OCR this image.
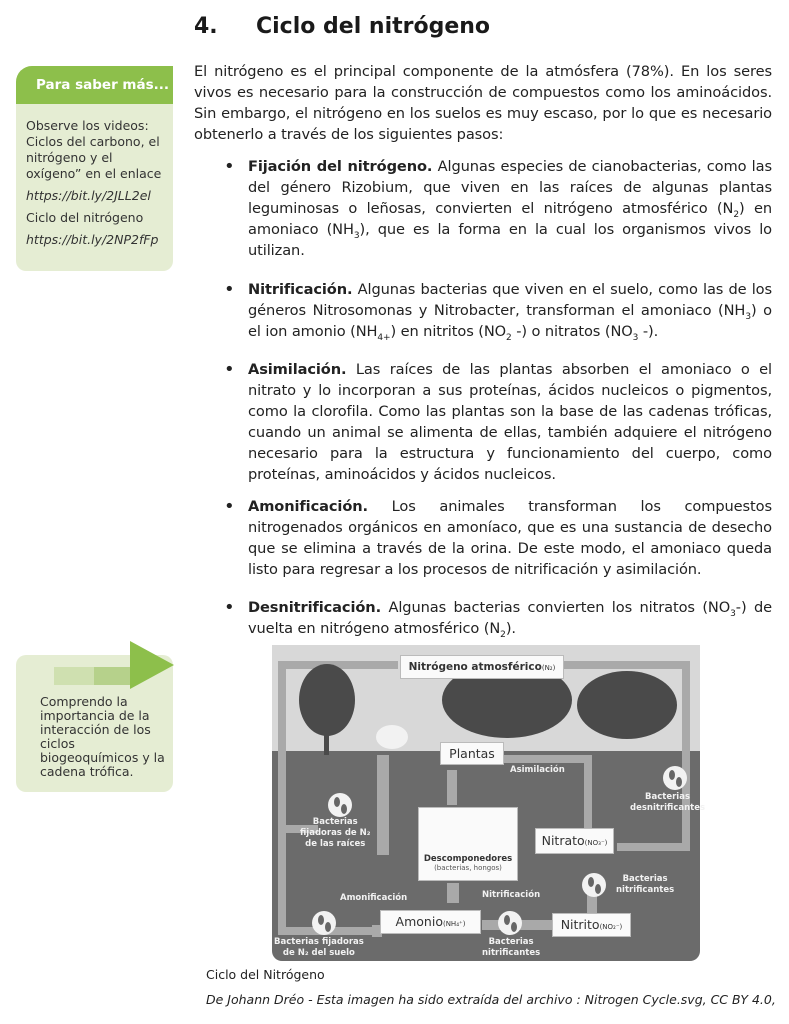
4. Ciclo del nitrógeno
El nitrógeno es el principal componente de la atmósfera (78%). En los seres vivos es necesario para la construcción de compuestos como los aminoácidos. Sin embargo, el nitrógeno en los suelos es muy escaso, por lo que es necesario obtenerlo a través de los siguientes pasos:
• Fijación del nitrógeno. Algunas especies de cianobacterias, como las del género Rizobium, que viven en las raíces de algunas plantas leguminosas o leñosas, convierten el nitrógeno atmosférico $(N_2)$ en amoniaco $(NH_3)$, que es la forma en la cual los organismos vivos lo utilizan.
• Nitrificación. Algunas bacterias que viven en el suelo, como las de los géneros Nitrosomonas y Nitrobacter, transforman el amoniaco $(NH_3)$ o el ion amonio $(NH_{4+})$ en nitritos ($NO_2$ -) o nitratos ($NO_3$ -).
• Asimilación. Las raíces de las plantas absorben el amoniaco o el nitrato y lo incorporan a sus proteínas, ácidos nucleicos o pigmentos, como la clorofila. Como las plantas son la base de las cadenas tróficas, cuando un animal se alimenta de ellas, también adquiere el nitrógeno necesario para la estructura y funcionamiento del cuerpo, como proteínas, aminoácidos y ácidos nucleicos.
• Amonificación. Los animales transforman los compuestos nitrogenados orgánicos en amoníaco, que es una sustancia de desecho que se elimina a través de la orina. De este modo, el amoniaco queda listo para regresar a los procesos de nitrificación y asimilación.
• Desnitrificación. Algunas bacterias convierten los nitratos $(NO_3-)$ de vuelta en nitrógeno atmosférico $(N_2)$.
Para saber más...

Observe los videos: Ciclos del carbono, el nitrógeno y el oxígeno” en el enlace

https://bit.ly/2JLL2el

Ciclo del nitrógeno

https://bit.ly/2NP2fFp

Comprendo la importancia de la interacción de los ciclos biogeoquímicos y la cadena trófica.
Nitrógeno atmosférico(N₂)
Plantas
Asimilación
Bacterias
desnitrificantes
Bacterias
fijadoras de N₂
de las raíces
Descomponedores
(bacterias, hongos)
Nitrato(NO₃⁻)
Bacterias
nitrificantes
Amonificación	Nitrificación
Amonio(NH₄⁺)	Nitrito(NO₂⁻)
Bacterias fijadoras
de N₂ del suelo
Bacterias
nitrificantes
Ciclo del Nitrógeno
De Johann Dréo - Esta imagen ha sido extraída del archivo : Nitrogen Cycle.svg, CC BY 4.0,
